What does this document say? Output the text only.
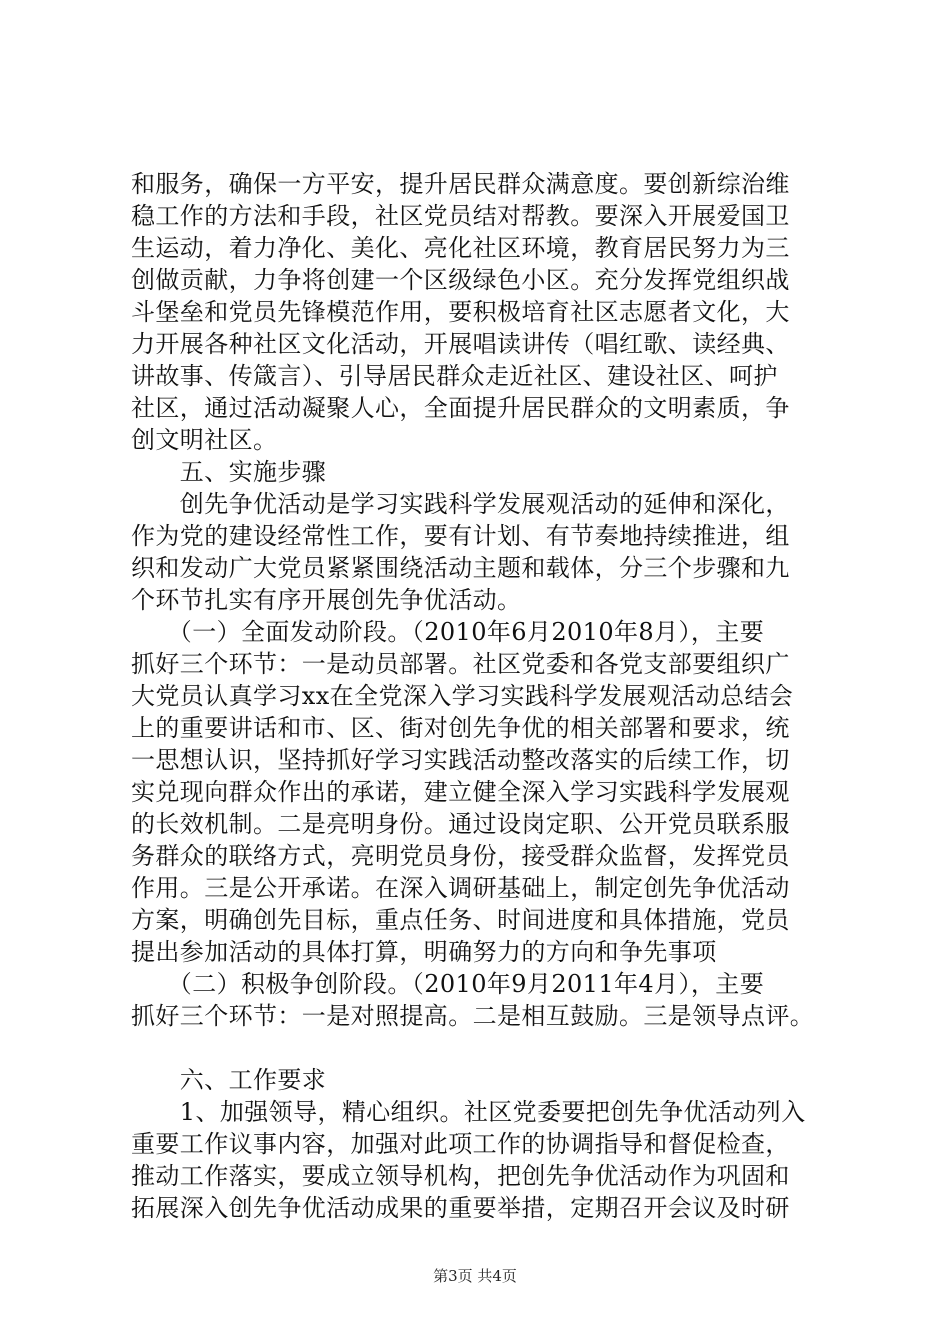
和服务，确保一方平安，提升居民群众满意度。要创新综治维
稳工作的方法和手段，社区党员结对帮教。要深入开展爱国卫
生运动，着力净化、美化、亮化社区环境，教育居民努力为三
创做贡献，力争将创建一个区级绿色小区。充分发挥党组织战
斗堡垒和党员先锋模范作用，要积极培育社区志愿者文化，大
力开展各种社区文化活动，开展唱读讲传（唱红歌、读经典、
讲故事、传箴言）、引导居民群众走近社区、建设社区、呵护
社区，通过活动凝聚人心，全面提升居民群众的文明素质，争
创文明社区。
　　五、实施步骤
　　创先争优活动是学习实践科学发展观活动的延伸和深化，
作为党的建设经常性工作，要有计划、有节奏地持续推进，组
织和发动广大党员紧紧围绕活动主题和载体，分三个步骤和九
个环节扎实有序开展创先争优活动。
　　（一）全面发动阶段。（2010年6月2010年8月），主要
抓好三个环节：一是动员部署。社区党委和各党支部要组织广
大党员认真学习xx在全党深入学习实践科学发展观活动总结会
上的重要讲话和市、区、街对创先争优的相关部署和要求，统
一思想认识，坚持抓好学习实践活动整改落实的后续工作，切
实兑现向群众作出的承诺，建立健全深入学习实践科学发展观
的长效机制。二是亮明身份。通过设岗定职、公开党员联系服
务群众的联络方式，亮明党员身份，接受群众监督，发挥党员
作用。三是公开承诺。在深入调研基础上，制定创先争优活动
方案，明确创先目标，重点任务、时间进度和具体措施，党员
提出参加活动的具体打算，明确努力的方向和争先事项
　　（二）积极争创阶段。（2010年9月2011年4月），主要
抓好三个环节：一是对照提高。二是相互鼓励。三是领导点评。
　　六、工作要求
　　1、加强领导，精心组织。社区党委要把创先争优活动列入
重要工作议事内容，加强对此项工作的协调指导和督促检查，
推动工作落实，要成立领导机构，把创先争优活动作为巩固和
拓展深入创先争优活动成果的重要举措，定期召开会议及时研
第3页 共4页
